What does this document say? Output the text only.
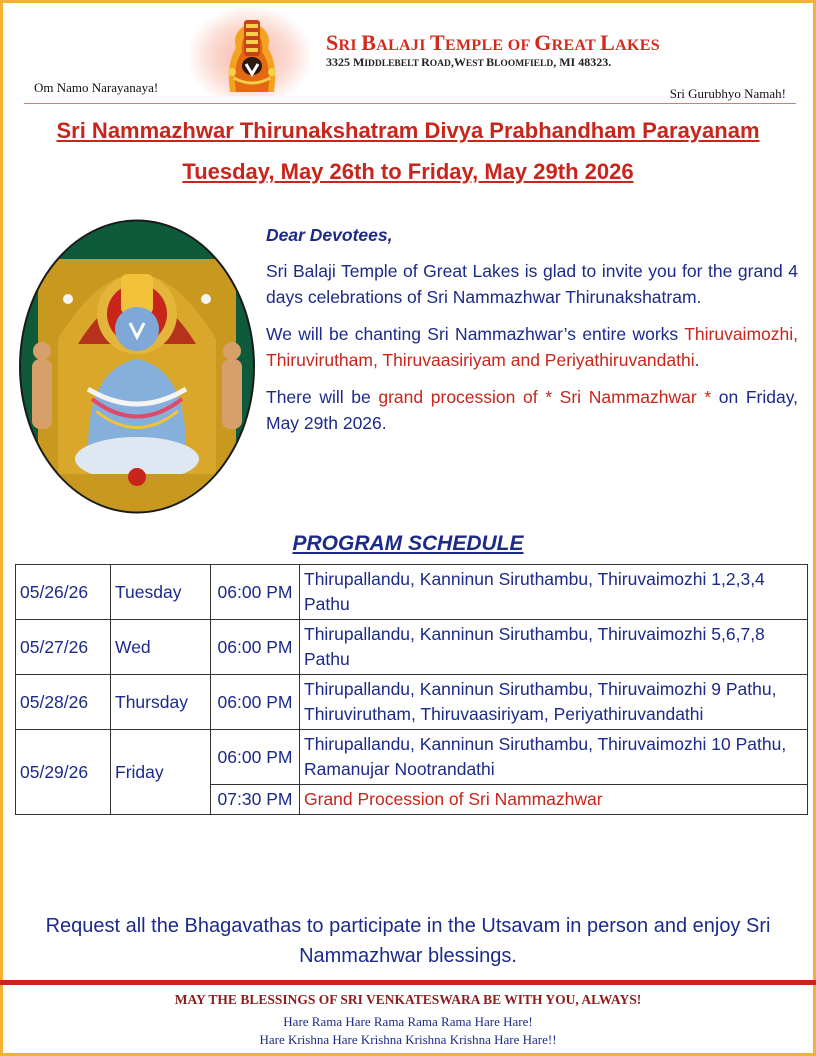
SRI BALAJI TEMPLE OF GREAT LAKES
3325 MIDDLEBELT ROAD,WEST BLOOMFIELD, MI 48323.
Om Namo Narayanaya!	Sri Gurubhyo Namah!
Sri Nammazhwar Thirunakshatram Divya Prabhandham Parayanam
Tuesday, May 26th to Friday, May 29th 2026

Dear Devotees,

Sri Balaji Temple of Great Lakes is glad to invite you for the grand 4 days celebrations of Sri Nammazhwar Thirunakshatram.

We will be chanting Sri Nammazhwar’s entire works Thiruvaimozhi, Thiruvirutham, Thiruvaasiriyam and Periyathiruvandathi.

There will be grand procession of * Sri Nammazhwar * on Friday, May 29th 2026.

PROGRAM SCHEDULE
05/26/26	Tuesday	06:00 PM	Thirupallandu, Kanninun Siruthambu, Thiruvaimozhi 1,2,3,4 Pathu
05/27/26	Wed	06:00 PM	Thirupallandu, Kanninun Siruthambu, Thiruvaimozhi 5,6,7,8 Pathu
05/28/26	Thursday	06:00 PM	Thirupallandu, Kanninun Siruthambu, Thiruvaimozhi 9 Pathu, Thiruvirutham, Thiruvaasiriyam, Periyathiruvandathi
05/29/26	Friday	06:00 PM	Thirupallandu, Kanninun Siruthambu, Thiruvaimozhi 10 Pathu, Ramanujar Nootrandathi
		07:30 PM	Grand Procession of Sri Nammazhwar
Request all the Bhagavathas to participate in the Utsavam in person and enjoy Sri Nammazhwar blessings.
MAY THE BLESSINGS OF SRI VENKATESWARA BE WITH YOU, ALWAYS!
Hare Rama Hare Rama Rama Rama Hare Hare!
Hare Krishna Hare Krishna Krishna Krishna Hare Hare!!
